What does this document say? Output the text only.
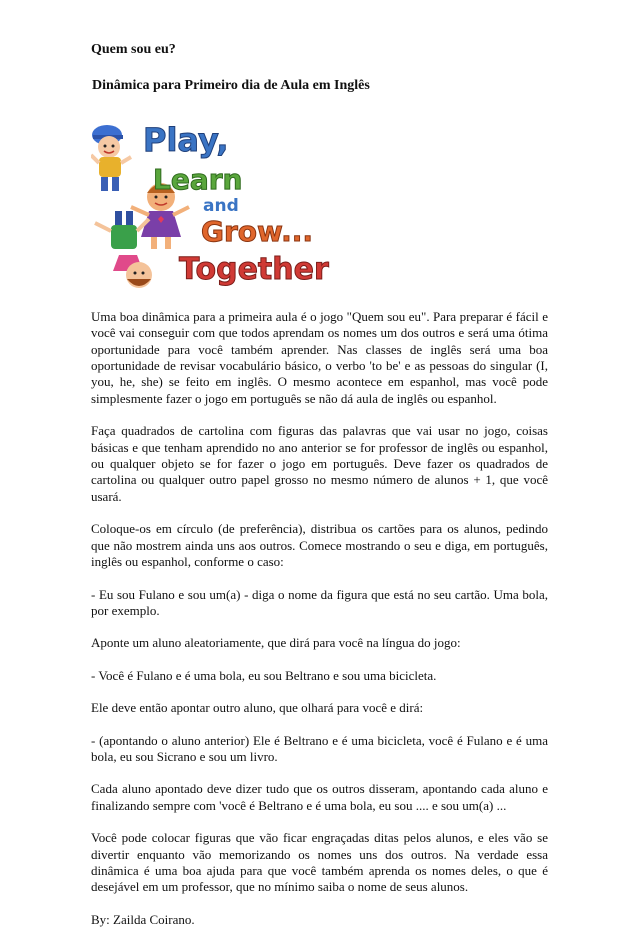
Quem sou eu?
Dinâmica para Primeiro dia de Aula em Inglês
Play,
Learn
and
Grow...
Together!

Uma boa dinâmica para a primeira aula é o jogo "Quem sou eu". Para preparar é fácil e você vai conseguir com que todos aprendam os nomes um dos outros e será uma ótima oportunidade para você também aprender. Nas classes de inglês será uma boa oportunidade de revisar vocabulário básico, o verbo 'to be' e as pessoas do singular (I, you, he, she) se feito em inglês. O mesmo acontece em espanhol, mas você pode simplesmente fazer o jogo em português se não dá aula de inglês ou espanhol.

Faça quadrados de cartolina com figuras das palavras que vai usar no jogo, coisas básicas e que tenham aprendido no ano anterior se for professor de inglês ou espanhol, ou qualquer objeto se for fazer o jogo em português. Deve fazer os quadrados de cartolina ou qualquer outro papel grosso no mesmo número de alunos + 1, que você usará.

Coloque-os em círculo (de preferência), distribua os cartões para os alunos, pedindo que não mostrem ainda uns aos outros. Comece mostrando o seu e diga, em português, inglês ou espanhol, conforme o caso:

- Eu sou Fulano e sou um(a) - diga o nome da figura que está no seu cartão. Uma bola, por exemplo.

Aponte um aluno aleatoriamente, que dirá para você na língua do jogo:

- Você é Fulano e é uma bola, eu sou Beltrano e sou uma bicicleta.

Ele deve então apontar outro aluno, que olhará para você e dirá:

- (apontando o aluno anterior) Ele é Beltrano e é uma bicicleta, você é Fulano e é uma bola, eu sou Sicrano e sou um livro.

Cada aluno apontado deve dizer tudo que os outros disseram, apontando cada aluno e finalizando sempre com 'você é Beltrano e é uma bola, eu sou .... e sou um(a) ...

Você pode colocar figuras que vão ficar engraçadas ditas pelos alunos, e eles vão se divertir enquanto vão memorizando os nomes uns dos outros. Na verdade essa dinâmica é uma boa ajuda para que você também aprenda os nomes deles, o que é desejável em um professor, que no mínimo saiba o nome de seus alunos.

By: Zailda Coirano.
